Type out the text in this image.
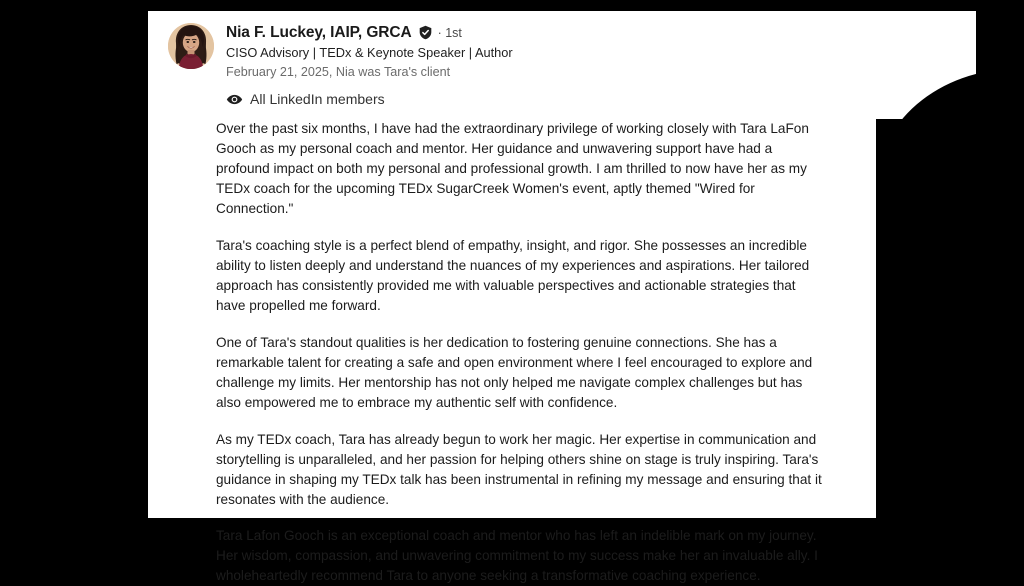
Nia F. Luckey, IAIP, GRCA · 1st
CISO Advisory | TEDx & Keynote Speaker | Author
February 21, 2025, Nia was Tara's client
All LinkedIn members

Over the past six months, I have had the extraordinary privilege of working closely with Tara LaFon Gooch as my personal coach and mentor. Her guidance and unwavering support have had a profound impact on both my personal and professional growth. I am thrilled to now have her as my TEDx coach for the upcoming TEDx SugarCreek Women's event, aptly themed "Wired for Connection."

Tara's coaching style is a perfect blend of empathy, insight, and rigor. She possesses an incredible ability to listen deeply and understand the nuances of my experiences and aspirations. Her tailored approach has consistently provided me with valuable perspectives and actionable strategies that have propelled me forward.

One of Tara's standout qualities is her dedication to fostering genuine connections. She has a remarkable talent for creating a safe and open environment where I feel encouraged to explore and challenge my limits. Her mentorship has not only helped me navigate complex challenges but has also empowered me to embrace my authentic self with confidence.

As my TEDx coach, Tara has already begun to work her magic. Her expertise in communication and storytelling is unparalleled, and her passion for helping others shine on stage is truly inspiring. Tara's guidance in shaping my TEDx talk has been instrumental in refining my message and ensuring that it resonates with the audience.

Tara Lafon Gooch is an exceptional coach and mentor who has left an indelible mark on my journey. Her wisdom, compassion, and unwavering commitment to my success make her an invaluable ally. I wholeheartedly recommend Tara to anyone seeking a transformative coaching experience.
